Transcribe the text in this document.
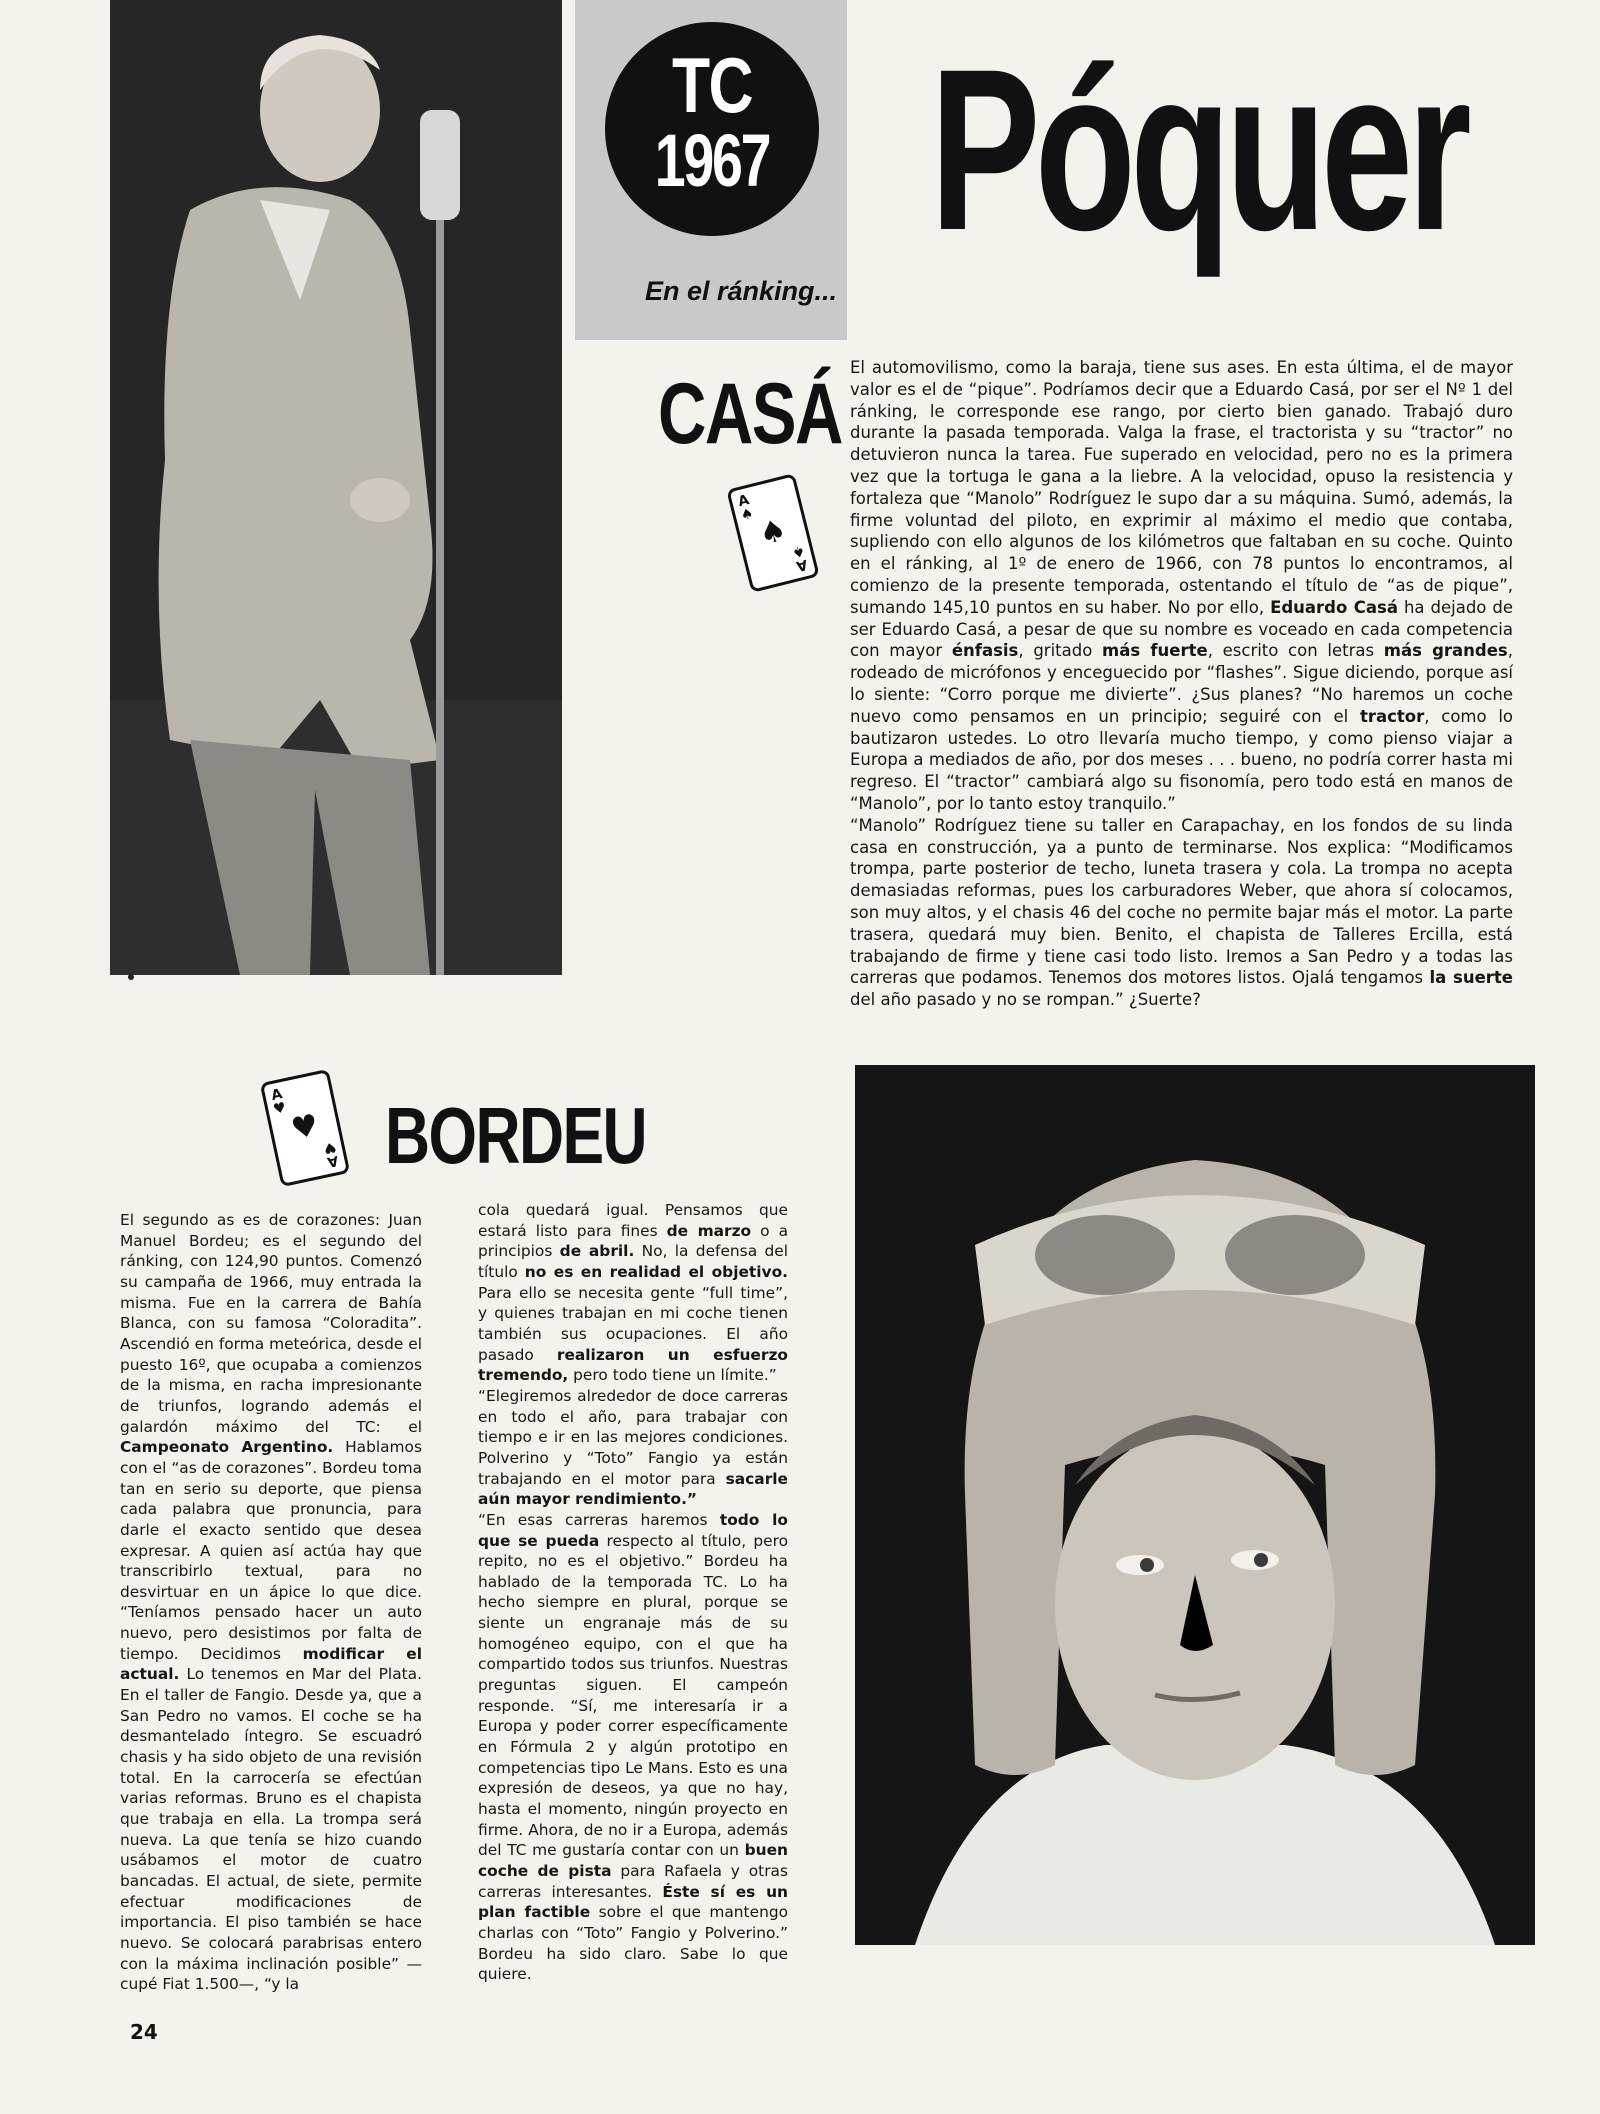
TC
1967
En el ránking...
Póquer
CASÁ
A
♠ ♠
A
♠

El automovilismo, como la baraja, tiene sus ases. En esta última, el de mayor valor es el de “pique”. Podríamos decir que a Eduardo Casá, por ser el Nº 1 del ránking, le corresponde ese rango, por cierto bien ganado. Trabajó duro durante la pasada temporada. Valga la frase, el tractorista y su “tractor” no detuvieron nunca la tarea. Fue superado en velocidad, pero no es la primera vez que la tortuga le gana a la liebre. A la velocidad, opuso la resistencia y fortaleza que “Manolo” Rodríguez le supo dar a su máquina. Sumó, además, la firme voluntad del piloto, en exprimir al máximo el medio que contaba, supliendo con ello algunos de los kilómetros que faltaban en su coche. Quinto en el ránking, al 1º de enero de 1966, con 78 puntos lo encontramos, al comienzo de la presente temporada, ostentando el título de “as de pique”, sumando 145,10 puntos en su haber. No por ello, Eduardo Casá ha dejado de ser Eduardo Casá, a pesar de que su nombre es voceado en cada competencia con mayor énfasis, gritado más fuerte, escrito con letras más grandes, rodeado de micrófonos y enceguecido por “flashes”. Sigue diciendo, porque así lo siente: “Corro porque me divierte”. ¿Sus planes? “No haremos un coche nuevo como pensamos en un principio; seguiré con el tractor, como lo bautizaron ustedes. Lo otro llevaría mucho tiempo, y como pienso viajar a Europa a mediados de año, por dos meses . . . bueno, no podría correr hasta mi regreso. El “tractor” cambiará algo su fisonomía, pero todo está en manos de “Manolo”, por lo tanto estoy tranquilo.”

“Manolo” Rodríguez tiene su taller en Carapachay, en los fondos de su linda casa en construcción, ya a punto de terminarse. Nos explica: “Modificamos trompa, parte posterior de techo, luneta trasera y cola. La trompa no acepta demasiadas reformas, pues los carburadores Weber, que ahora sí colocamos, son muy altos, y el chasis 46 del coche no permite bajar más el motor. La parte trasera, quedará muy bien. Benito, el chapista de Talleres Ercilla, está trabajando de firme y tiene casi todo listo. Iremos a San Pedro y a todas las carreras que podamos. Tenemos dos motores listos. Ojalá tengamos la suerte del año pasado y no se rompan.” ¿Suerte?

A
♥ ♥
A
♥ BORDEU

El segundo as es de corazones: Juan Manuel Bordeu; es el segundo del ránking, con 124,90 puntos. Comenzó su campaña de 1966, muy entrada la misma. Fue en la carrera de Bahía Blanca, con su famosa “Coloradita”. Ascendió en forma meteórica, desde el puesto 16º, que ocupaba a comienzos de la misma, en racha impresionante de triunfos, logrando además el galardón máximo del TC: el Campeonato Argentino. Hablamos con el “as de corazones”. Bordeu toma tan en serio su deporte, que piensa cada palabra que pronuncia, para darle el exacto sentido que desea expresar. A quien así actúa hay que transcribirlo textual, para no desvirtuar en un ápice lo que dice. “Teníamos pensado hacer un auto nuevo, pero desistimos por falta de tiempo. Decidimos modificar el actual. Lo tenemos en Mar del Plata. En el taller de Fangio. Desde ya, que a San Pedro no vamos. El coche se ha desmantelado íntegro. Se escuadró chasis y ha sido objeto de una revisión total. En la carrocería se efectúan varias reformas. Bruno es el chapista que trabaja en ella. La trompa será nueva. La que tenía se hizo cuando usábamos el motor de cuatro bancadas. El actual, de siete, permite efectuar modificaciones de importancia. El piso también se hace nuevo. Se colocará parabrisas entero con la máxima inclinación posible” —cupé Fiat 1.500—, “y la

cola quedará igual. Pensamos que estará listo para fines de marzo o a principios de abril. No, la defensa del título no es en realidad el objetivo. Para ello se necesita gente “full time”, y quienes trabajan en mi coche tienen también sus ocupaciones. El año pasado realizaron un esfuerzo tremendo, pero todo tiene un límite.”

“Elegiremos alrededor de doce carreras en todo el año, para trabajar con tiempo e ir en las mejores condiciones. Polverino y “Toto” Fangio ya están trabajando en el motor para sacarle aún mayor rendimiento.”

“En esas carreras haremos todo lo que se pueda respecto al título, pero repito, no es el objetivo.” Bordeu ha hablado de la temporada TC. Lo ha hecho siempre en plural, porque se siente un engranaje más de su homogéneo equipo, con el que ha compartido todos sus triunfos. Nuestras preguntas siguen. El campeón responde. “Sí, me interesaría ir a Europa y poder correr específicamente en Fórmula 2 y algún prototipo en competencias tipo Le Mans. Esto es una expresión de deseos, ya que no hay, hasta el momento, ningún proyecto en firme. Ahora, de no ir a Europa, además del TC me gustaría contar con un buen coche de pista para Rafaela y otras carreras interesantes. Éste sí es un plan factible sobre el que mantengo charlas con “Toto” Fangio y Polverino.” Bordeu ha sido claro. Sabe lo que quiere.

24
